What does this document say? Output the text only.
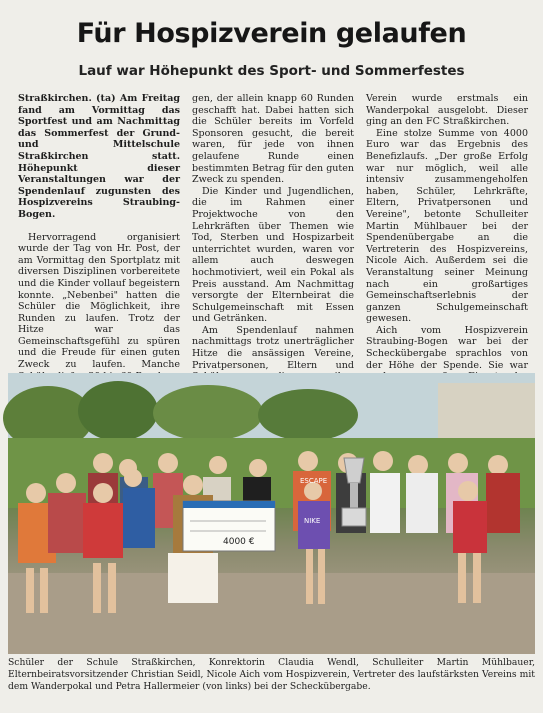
Für Hospizverein gelaufen
Lauf war Höhepunkt des Sport- und Sommerfestes

Straßkirchen. (ta) Am Freitag fand am Vormittag das Sportfest und am Nachmittag das Sommerfest der Grund- und Mittelschule Straßkirchen statt. Höhepunkt dieser Veranstaltungen war der Spendenlauf zugunsten des Hospizvereins Straubing-Bogen.

Hervorragend organisiert wurde der Tag von Hr. Post, der am Vormittag den Sportplatz mit diversen Disziplinen vorbereitete und die Kinder vollauf begeistern konnte. „Nebenbei" hatten die Schüler die Möglichkeit, ihre Runden zu laufen. Trotz der Hitze war das Gemeinschaftsgefühl zu spüren und die Freude für einen guten Zweck zu laufen. Manche

gen, der allein knapp 60 Runden geschafft hat. Dabei hatten sich die Schüler bereits im Vorfeld Sponsoren gesucht, die bereit waren, für jede von ihnen gelaufene Runde einen bestimmten Betrag für den guten Zweck zu spenden.

Die Kinder und Jugendlichen, die im Rahmen einer Projektwoche von den Lehrkräften über Themen wie Tod, Sterben und Hospizarbeit unterrichtet wurden, waren vor allem auch deswegen hochmotiviert, weil ein Pokal als Preis ausstand. Am Nachmittag versorgte der Elternbeirat die Schulgemeinschaft mit Essen und Getränken.

Am Spendenlauf nahmen nachmittags trotz unerträglicher Hitze die ansässigen Vereine, Privatpersonen, Eltern und

Verein wurde erstmals ein Wanderpokal ausgelobt. Dieser ging an den FC Straßkirchen.

Eine stolze Summe von 4000 Euro war das Ergebnis des Benefizlaufs. „Der große Erfolg war nur möglich, weil alle intensiv zusammengeholfen haben, Schüler, Lehrkräfte, Eltern, Privatpersonen und Vereine", betonte Schulleiter Martin Mühlbauer bei der Spendenübergabe an die Vertreterin des Hospizvereins, Nicole Aich. Außerdem sei die Veranstaltung seiner Meinung nach ein großartiges Gemeinschaftserlebnis der ganzen Schulgemeinschaft gewesen.

Aich vom Hospizverein Straubing-Bogen war bei der Scheckübergabe sprachlos von der Höhe der Spende. Sie war

4000 €
ESCAPE
NIKE
Schüler der Schule Straßkirchen, Konrektorin Claudia Wendl, Schulleiter Martin Mühlbauer, Elternbeiratsvorsitzender Christian Seidl, Nicole Aich vom Hospizverein, Vertreter des laufstärksten Vereins mit dem Wanderpokal und Petra Hallermeier (von links) bei der Scheckübergabe.
